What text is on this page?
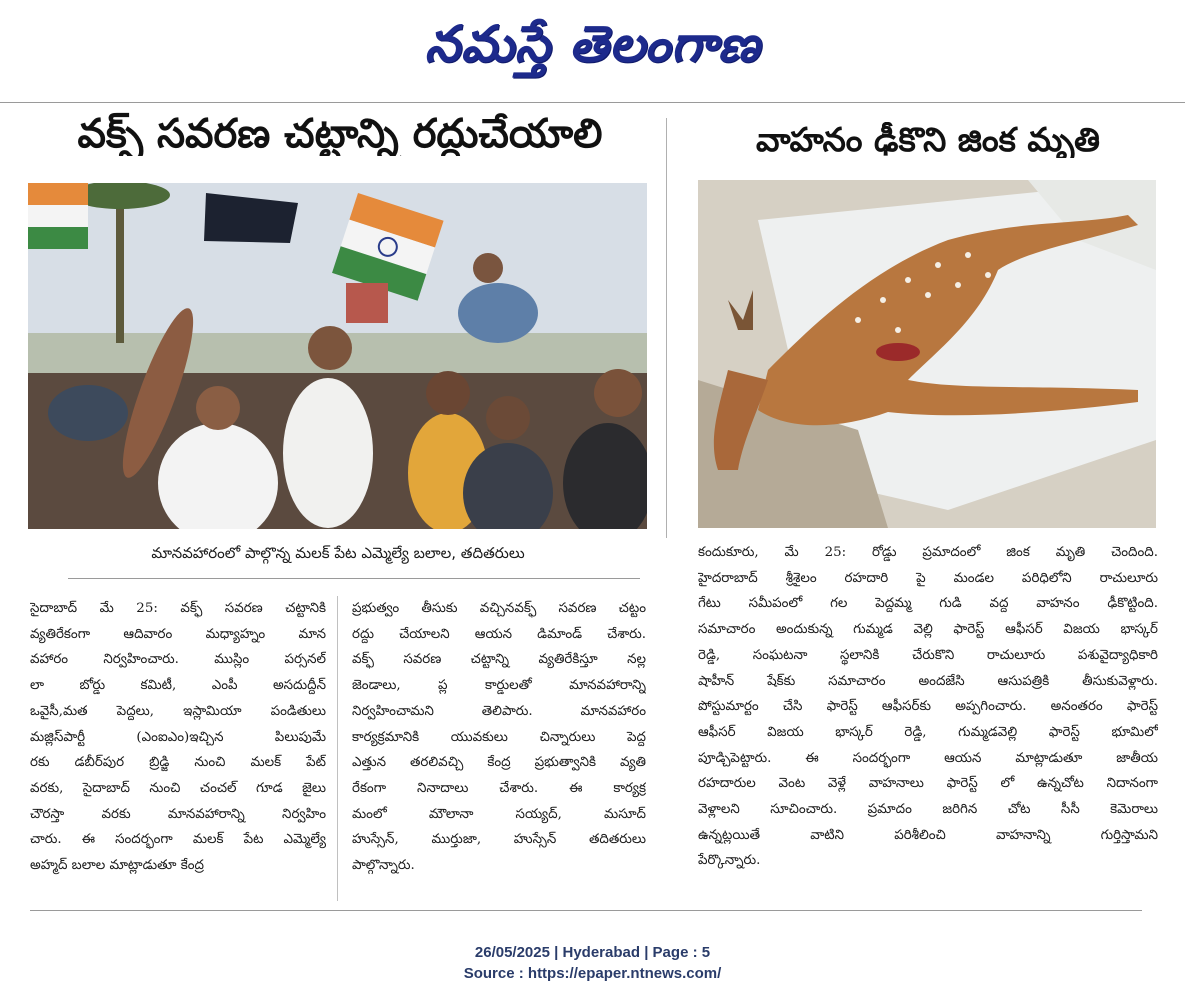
నమస్తే తెలంగాణ
వక్ఫ్ సవరణ చట్టాన్ని రద్దుచేయాలి
మానవహారంలో పాల్గొన్న మలక్ పేట ఎమ్మెల్యే బలాల, తదితరులు
సైదాబాద్ మే 25: వక్ఫ్ సవరణ చట్టానికి
వ్యతిరేకంగా ఆదివారం మధ్యాహ్నం మాన
వహారం నిర్వహించారు. ముస్లిం పర్సనల్
లా బోర్డు కమిటీ, ఎంపీ అసదుద్దీన్
ఒవైసీ,మత పెద్దలు, ఇస్లామియా పండితులు
మజ్లిస్‌పార్టీ (ఎంఐఎం)ఇచ్చిన పిలుపుమే
రకు డబీర్‌పుర బ్రిడ్జి నుంచి మలక్ పేట్
వరకు, సైదాబాద్ నుంచి చంచల్ గూడ జైలు
చౌరస్తా వరకు మానవహారాన్ని నిర్వహిం
చారు. ఈ సందర్భంగా మలక్ పేట ఎమ్మెల్యే
అహ్మద్ బలాల మాట్లాడుతూ కేంద్ర
ప్రభుత్వం తీసుకు వచ్చినవక్ఫ్ సవరణ చట్టం
రద్దు చేయాలని ఆయన డిమాండ్ చేశారు.
వక్ఫ్ సవరణ చట్టాన్ని వ్యతిరేకిస్తూ నల్ల
జెండాలు, ప్ల కార్డులతో మానవహారాన్ని
నిర్వహించామని తెలిపారు. మానవహారం
కార్యక్రమానికి యువకులు చిన్నారులు పెద్ద
ఎత్తున తరలివచ్చి కేంద్ర ప్రభుత్వానికి వ్యతి
రేకంగా నినాదాలు చేశారు. ఈ కార్యక్ర
మంలో మౌలానా సయ్యద్, మసూద్
హుస్సేన్, ముర్తుజా, హుస్సేన్ తదితరులు
పాల్గొన్నారు.
వాహనం ఢీకొని జింక మృతి
కందుకూరు, మే 25: రోడ్డు ప్రమాదంలో జింక మృతి చెందింది.
హైదరాబాద్ శ్రీశైలం రహదారి పై మండల పరిధిలోని రాచులూరు
గేటు సమీపంలో గల పెద్దమ్మ గుడి వద్ద వాహనం ఢీకొట్టింది.
సమాచారం అందుకున్న గుమ్మడ వెల్లి ఫారెస్ట్ ఆఫీసర్ విజయ భాస్కర్
రెడ్డి, సంఘటనా స్థలానికి చేరుకొని రాచులూరు పశువైద్యాధికారి
షాహీన్ షేక్‌కు సమాచారం అందజేసి ఆసుపత్రికి తీసుకువెళ్లారు.
పోస్టుమార్టం చేసి ఫారెస్ట్ ఆఫీసర్‌కు అప్పగించారు. అనంతరం ఫారెస్ట్
ఆఫీసర్ విజయ భాస్కర్ రెడ్డి, గుమ్మడవెల్లి ఫారెస్ట్ భూమిలో
పూడ్చిపెట్టారు. ఈ సందర్భంగా ఆయన మాట్లాడుతూ జాతీయ
రహదారుల వెంట వెళ్లే వాహనాలు ఫారెస్ట్ లో ఉన్నచోట నిదానంగా
వెళ్లాలని సూచించారు. ప్రమాదం జరిగిన చోట సీసీ కెమెరాలు
ఉన్నట్లయితే వాటిని పరిశీలించి వాహనాన్ని గుర్తిస్తామని
పేర్కొన్నారు.
26/05/2025 | Hyderabad | Page : 5
Source : https://epaper.ntnews.com/
